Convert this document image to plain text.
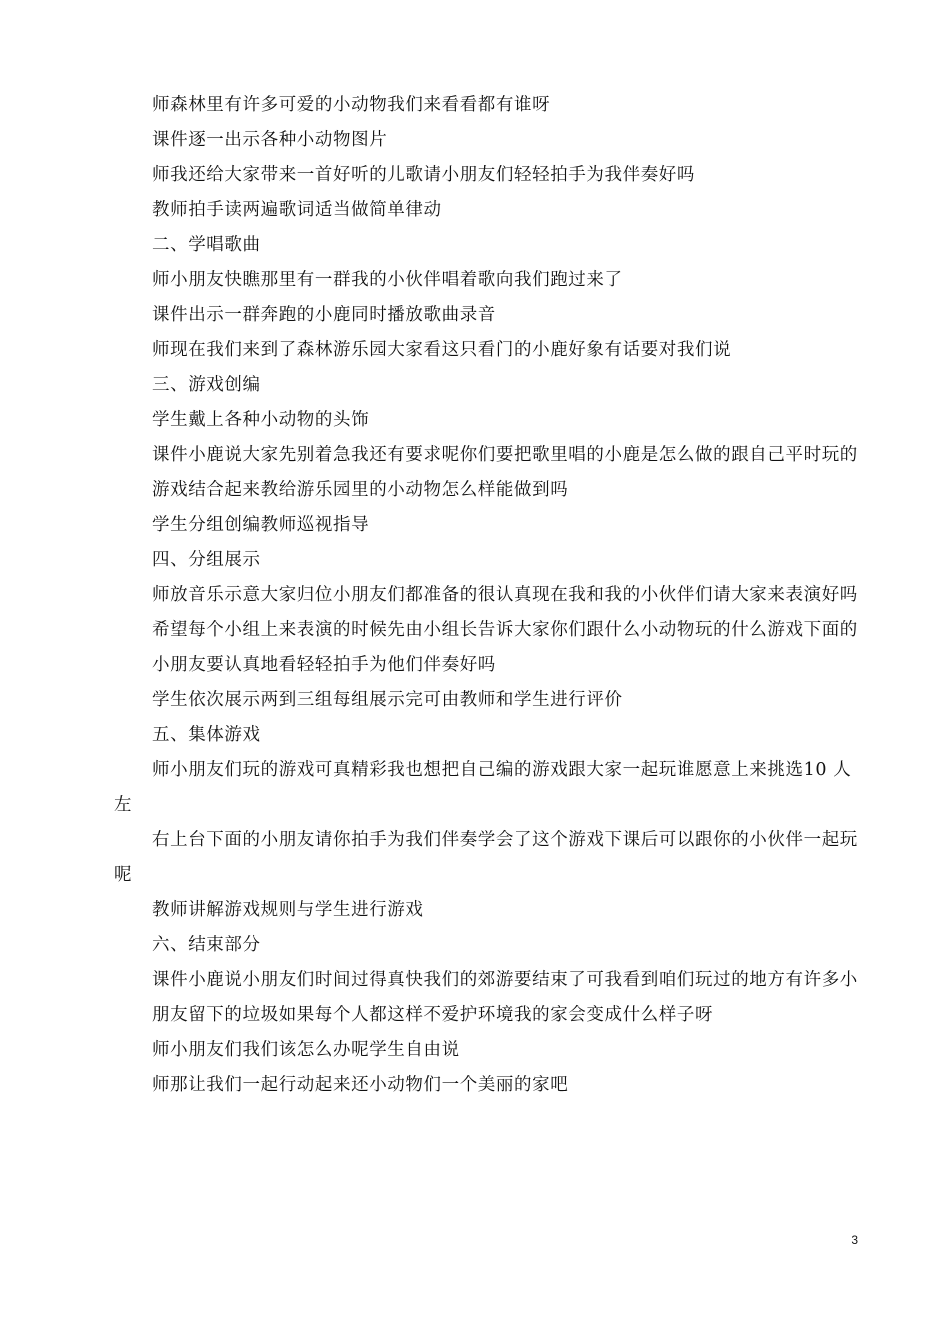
师森林里有许多可爱的小动物我们来看看都有谁呀

课件逐一出示各种小动物图片

师我还给大家带来一首好听的儿歌请小朋友们轻轻拍手为我伴奏好吗

教师拍手读两遍歌词适当做简单律动

二、学唱歌曲

师小朋友快瞧那里有一群我的小伙伴唱着歌向我们跑过来了

课件出示一群奔跑的小鹿同时播放歌曲录音

师现在我们来到了森林游乐园大家看这只看门的小鹿好象有话要对我们说

三、游戏创编

学生戴上各种小动物的头饰

课件小鹿说大家先别着急我还有要求呢你们要把歌里唱的小鹿是怎么做的跟自己平时玩的

游戏结合起来教给游乐园里的小动物怎么样能做到吗

学生分组创编教师巡视指导

四、分组展示

师放音乐示意大家归位小朋友们都准备的很认真现在我和我的小伙伴们请大家来表演好吗

希望每个小组上来表演的时候先由小组长告诉大家你们跟什么小动物玩的什么游戏下面的

小朋友要认真地看轻轻拍手为他们伴奏好吗

学生依次展示两到三组每组展示完可由教师和学生进行评价

五、集体游戏

师小朋友们玩的游戏可真精彩我也想把自己编的游戏跟大家一起玩谁愿意上来挑选10 人左

右上台下面的小朋友请你拍手为我们伴奏学会了这个游戏下课后可以跟你的小伙伴一起玩呢

教师讲解游戏规则与学生进行游戏

六、结束部分

课件小鹿说小朋友们时间过得真快我们的郊游要结束了可我看到咱们玩过的地方有许多小

朋友留下的垃圾如果每个人都这样不爱护环境我的家会变成什么样子呀

师小朋友们我们该怎么办呢学生自由说

师那让我们一起行动起来还小动物们一个美丽的家吧

3
